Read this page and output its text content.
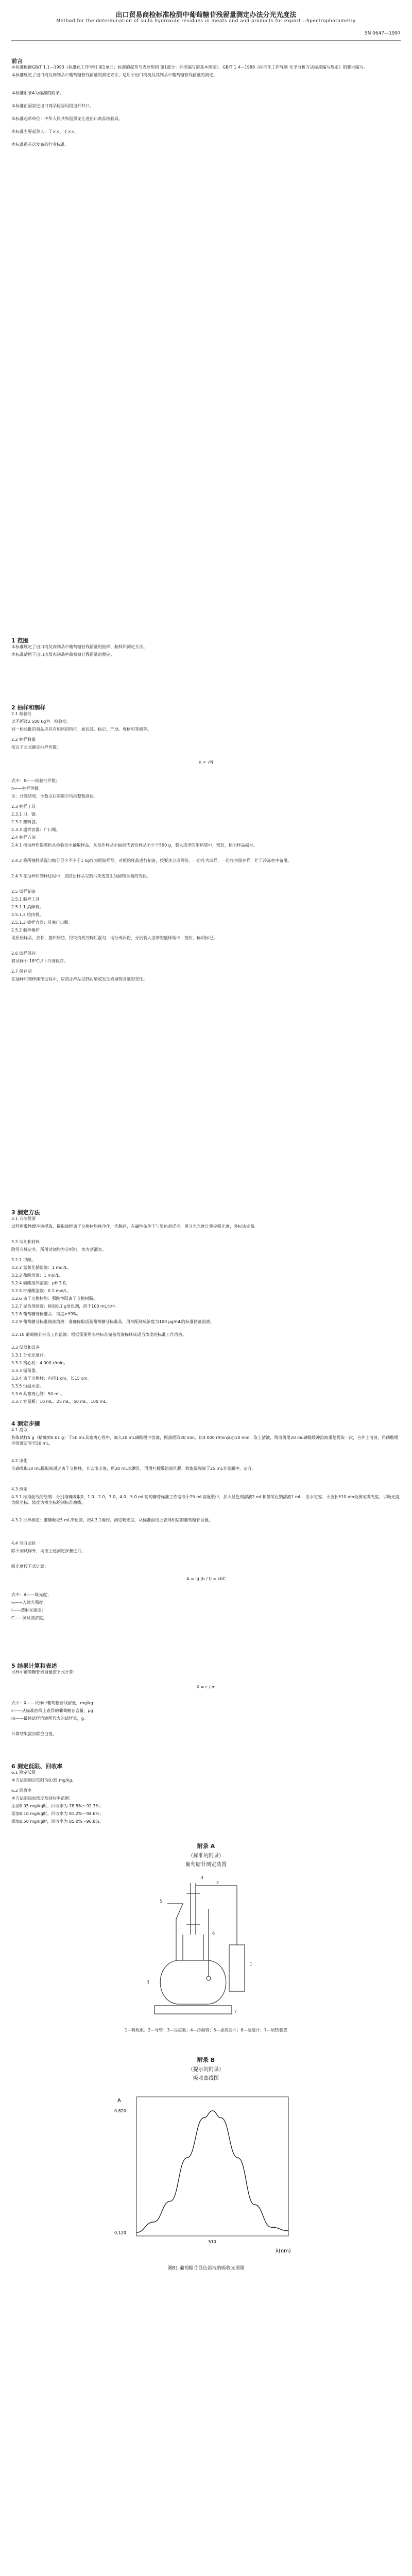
出口贸易商检标准检测中葡萄糖苷残留量测定办法分光光度法
Method for the determination of sulfa hydroxide residues in meats and and products for export --Spectrophotometry
SN 0647—1997
前言
1 范围
2 抽样和制样
3 测定方法
4 测定步骤
5 结果计算和表述
6 测定低限、回收率
本标准根据GB/T 1.1—1993《标准化工作导则 第1单元：标准的起草与表述规则 第1部分：标准编写的基本规定》、GB/T 1.4—1988《标准化工作导则 化学分析方法标准编写规定》的要求编写。
本标准规定了出口肉及肉制品中葡萄糖苷残留量的测定方法，适用于出口肉类及其制品中葡萄糖苷残留量的测定。
本标准附录A为标准的附录。
本标准由国家进出口商品检验局提出并归口。
本标准起草单位：中华人民共和国黑龙江进出口商品检验局。
本标准主要起草人：于××、王××。
本标准系首次发布的行业标准。
本标准规定了出口肉及肉制品中葡萄糖苷残留量的抽样、制样和测定方法。
本标准适用于出口肉及肉制品中葡萄糖苷残留量的测定。
2.1 检验批
以不超过2 500 kg为一检验批。
同一检验批的商品应具有相同的特征，如包装、标记、产地、规格和等级等。
2.2 抽样数量
按以下公式确定抽样件数：
式中：N——检验批件数；
n——抽样件数。
注：计算结果，小数点后的数字均向整数进位。
2.3 抽样工具
2.3.1 刀、锯。
2.3.2 塑料袋。
2.3.3 盛样容器：广口瓶。
2.4 抽样方法
2.4.1 按抽样件数随机从检验批中抽取样品，从每件样品中抽取代表性样品不少于500 g，装入洁净的塑料袋中，密封，标明样品编号。
2.4.2 将所抽样品混匀缩分至少不少于1 kg作为原始样品，对原始样品进行制备，按要求分成两份，一份作为试样，一份作为留存样，贮于冷冻柜中备用。
2.4.3 在抽样和制样过程中，应防止样品受到污染或发生残留物含量的变化。
2.5 试样制备
2.5.1 制样工具
2.5.1.1 捣碎机。
2.5.1.2 绞肉机。
2.5.1.3 盛样容器：具塞广口瓶。
2.5.2 制样操作
取原始样品，去骨、筋和脂肪，经绞肉机绞碎后混匀，均分成两份，分别装入洁净的盛样瓶中，密封，标明标记。
2.6 试样保存
将试样于-18℃以下冷冻保存。
2.7 保存期
在抽样和制样操作过程中，应防止样品受到污染或发生残留物含量的变化。
3.1 方法提要
试样用酸性缓冲液提取，提取液经离子交换树脂柱净化，洗脱后，在碱性条件下与显色剂反应，用分光光度计测定吸光度，外标法定量。
3.2 试剂和材料
除另有规定外，所用试剂均为分析纯，水为蒸馏水。
3.2.1 甲醇。
3.2.2 氢氧化钠溶液：1 mol/L。
3.2.3 盐酸溶液：1 mol/L。
3.2.4 磷酸缓冲溶液：pH 3.0。
3.2.5 柠檬酸溶液：0.1 mol/L。
3.2.6 离子交换树脂：强酸性阳离子交换树脂。
3.2.7 显色剂溶液：称取0.1 g显色剂，溶于100 mL水中。
3.2.8 葡萄糖苷标准品：纯度≥99%。
3.2.9 葡萄糖苷标准储备溶液：准确称取适量葡萄糖苷标准品，用水配制成浓度为100 μg/mL的标准储备溶液。
3.2.10 葡萄糖苷标准工作溶液：根据需要用水将标准储备溶液稀释成适当浓度的标准工作溶液。
3.3 仪器和设备
3.3.1 分光光度计。
3.3.2 离心机：4 000 r/min。
3.3.3 振荡器。
3.3.4 离子交换柱：内径1 cm，长15 cm。
3.3.5 恒温水浴。
3.3.6 具塞离心管：50 mL。
3.3.7 容量瓶：10 mL、25 mL、50 mL、100 mL。
4.1 提取
称取试样5 g（精确到0.01 g）于50 mL具塞离心管中，加入20 mL磷酸缓冲溶液，振荡提取30 min，以4 000 r/min离心10 min，取上清液，残渣再用20 mL磷酸缓冲溶液重复提取一次，合并上清液，用磷酸缓冲溶液定容至50 mL。
4.2 净化
准确吸取10 mL提取液通过离子交换柱，弃去流出液，用20 mL水淋洗，再用柠檬酸溶液洗脱，收集洗脱液于25 mL容量瓶中，定容。
4.3 测定
4.3.1 标准曲线的绘制：分别准确吸取0、1.0、2.0、3.0、4.0、5.0 mL葡萄糖苷标准工作溶液于25 mL容量瓶中，加入显色剂溶液2 mL和氢氧化钠溶液1 mL，用水定容，于波长510 nm处测定吸光度，以吸光度为纵坐标、浓度为横坐标绘制标准曲线。
4.3.2 试样测定：准确吸取5 mL净化液，按4.3.1操作，测定吸光度，从标准曲线上查得相应的葡萄糖苷含量。
4.4 空白试验
除不加试样外，均按上述测定步骤进行。
吸光度按下式计算：
式中：A——吸光度；
I₀——入射光强度；
I——透射光强度；
C——测试液浓度。
试样中葡萄糖苷残留量按下式计算：
式中：X——试样中葡萄糖苷残留量，mg/kg；
c——从标准曲线上查得的葡萄糖苷含量，μg；
m——最终试样溶液所代表的试样量，g。
计算结果需扣除空白值。
6.1 测定低限
本方法的测定低限为0.05 mg/kg。
6.2 回收率
本方法的添加浓度及回收率范围：
添加0.05 mg/kg时，回收率为 78.5%～92.3%；
添加0.10 mg/kg时，回收率为 81.2%～94.6%；
添加0.50 mg/kg时，回收率为 85.0%～96.8%。
n = √N
A = lg (I₀ / I) = εbC
X = c / m
附录 A
（标准的附录）
葡萄糖苷测定装置
1
2
3
4
5
6
7
1—吸收瓶；2—导管；3—反应瓶；4—冷凝管；5—加液漏斗；6—温度计；7—加热装置
附录 B
（提示的附录）
吸收曲线图
A
λ(nm)
0.820
0.120
510
图B1 葡萄糖苷显色溶液的吸收光谱图
